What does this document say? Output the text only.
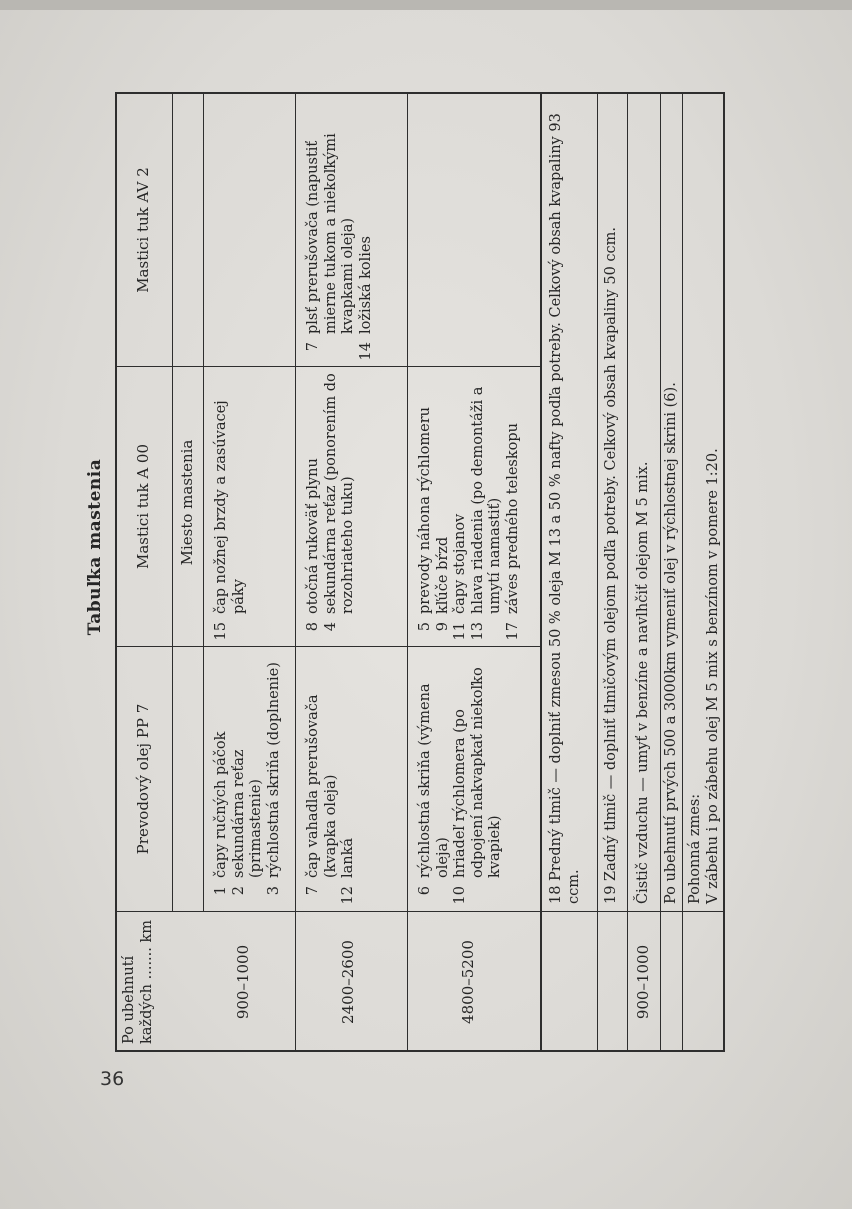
36
Tabuľka mastenia
Po ubehnutí každých ....... km
Prevodový olej PP 7
Mastici tuk A 00
Mastici tuk AV 2
Miesto mastenia
900–1000
1
čapy ručných páčok
2
sekundárna reťaz (primastenie)
3
rýchlostná skriňa (doplnenie)
15
čap nožnej brzdy a zasúvacej páky
2400–2600
7
čap vahadla prerušovača (kvapka oleja)
12
lanká
8
otočná rukoväť plynu
4
sekundárna reťaz (ponorením do rozohriateho tuku)
7
plsť prerušovača (napustiť mierne tukom a niekoľkými kvapkami oleja)
14
ložiská kolies
4800–5200
6
rýchlostná skriňa (výmena oleja)
10
hriadeľ rýchlomera (po odpojení nakvapkať niekoľko kvapiek)
5
prevody náhona rýchlomeru
9
kľúče bŕzd
11
čapy stojanov
13
hlava riadenia (po demontáži a umytí namastiť)
17
záves predného teleskopu 18 Predný tlmič — doplniť zmesou 50 % oleja M 13 a 50 % nafty podľa potreby. Celkový obsah kvapaliny 93 ccm. 19 Zadný tlmič — doplniť tlmičovým olejom podľa potreby. Celkový obsah kvapaliny 50 ccm.
900–1000
Čistič vzduchu — umyť v benzíne a navlhčiť olejom M 5 mix. Po ubehnutí prvých 500 a 3000km vymeniť olej v rýchlostnej skrini (6). Pohonná zmes:
V zábehu i po zábehu olej M 5 mix s benzínom v pomere 1:20.
